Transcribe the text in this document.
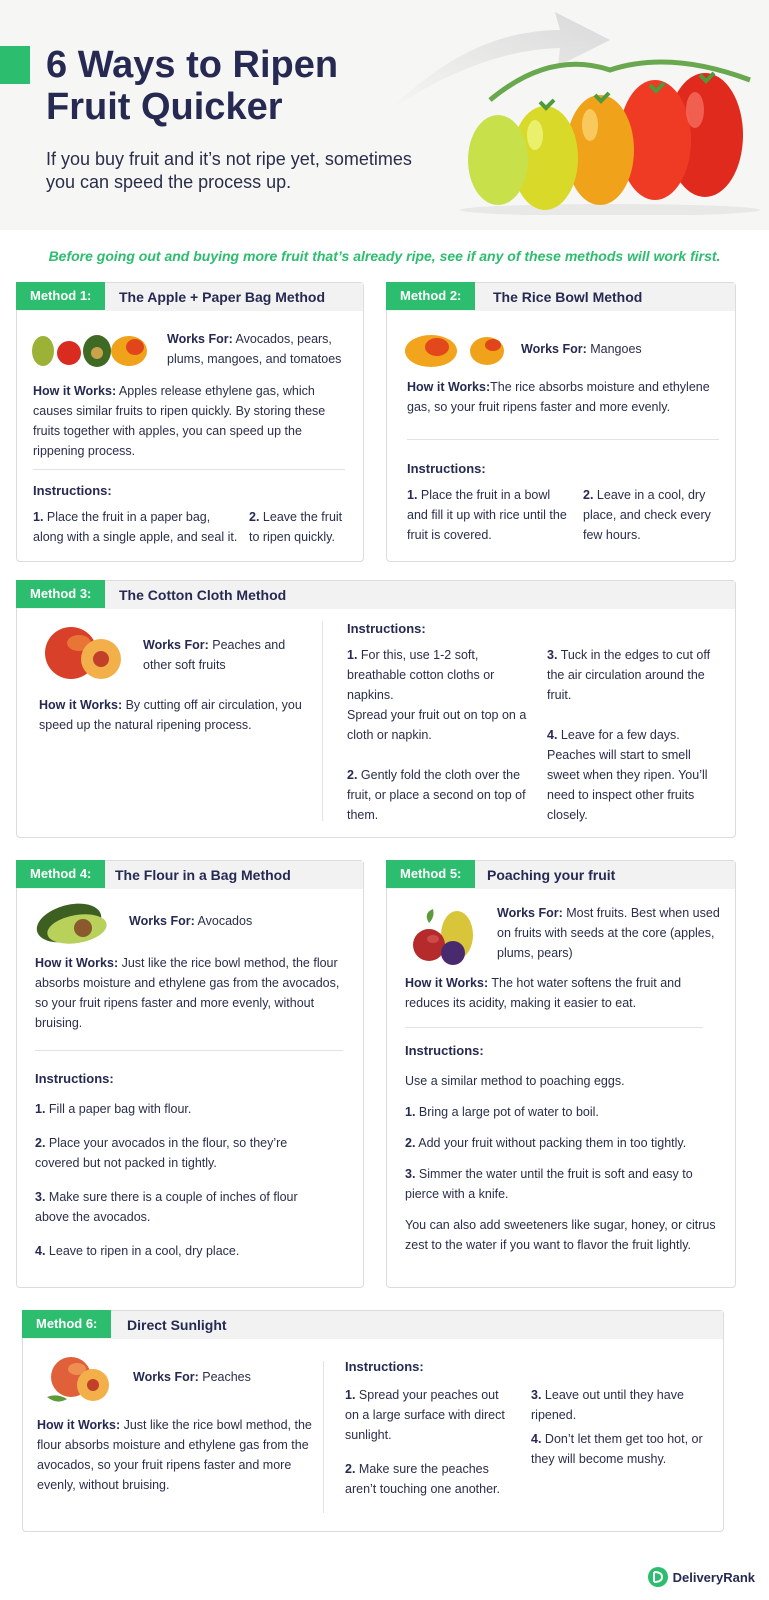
6 Ways to Ripen Fruit Quicker
If you buy fruit and it’s not ripe yet, sometimes you can speed the process up.
Before going out and buying more fruit that’s already ripe, see if any of these methods will work first.
Method 1:	The Apple + Paper Bag Method
Works For: Avocados, pears, plums, mangoes, and tomatoes
How it Works: Apples release ethylene gas, which causes similar fruits to ripen quickly. By storing these fruits together with apples, you can speed up the rippening process.
Instructions:
1. Place the fruit in a paper bag, along with a single apple, and seal it.
2. Leave the fruit to ripen quickly.
Method 2:	The Rice Bowl Method
Works For: Mangoes
How it Works:The rice absorbs moisture and ethylene gas, so your fruit ripens faster and more evenly.
Instructions:
1. Place the fruit in a bowl and fill it up with rice until the fruit is covered.
2. Leave in a cool, dry place, and check every few hours.
Method 3:	The Cotton Cloth Method
Works For: Peaches and other soft fruits
How it Works: By cutting off air circulation, you speed up the natural ripening process.
Instructions:
1. For this, use 1-2 soft, breathable cotton cloths or napkins.
Spread your fruit out on top on a cloth or napkin.
2. Gently fold the cloth over the fruit, or place a second on top of them.
3. Tuck in the edges to cut off the air circulation around the fruit.
4. Leave for a few days. Peaches will start to smell sweet when they ripen. You’ll need to inspect other fruits closely.
Method 4:	The Flour in a Bag Method
Works For: Avocados
How it Works: Just like the rice bowl method, the flour absorbs moisture and ethylene gas from the avocados, so your fruit ripens faster and more evenly, without bruising.
Instructions:
1. Fill a paper bag with flour.
2. Place your avocados in the flour, so they’re covered but not packed in tightly.
3. Make sure there is a couple of inches of flour above the avocados.
4. Leave to ripen in a cool, dry place.
Method 5:	Poaching your fruit
Works For: Most fruits. Best when used on fruits with seeds at the core (apples, plums, pears)
How it Works: The hot water softens the fruit and reduces its acidity, making it easier to eat.
Instructions:
Use a similar method to poaching eggs.
1. Bring a large pot of water to boil.
2. Add your fruit without packing them in too tightly.
3. Simmer the water until the fruit is soft and easy to pierce with a knife.
You can also add sweeteners like sugar, honey, or citrus zest to the water if you want to flavor the fruit lightly.
Method 6:	Direct Sunlight
Works For: Peaches
How it Works: Just like the rice bowl method, the flour absorbs moisture and ethylene gas from the avocados, so your fruit ripens faster and more evenly, without bruising.
Instructions:
1. Spread your peaches out on a large surface with direct sunlight.
2. Make sure the peaches aren’t touching one another.
3. Leave out until they have ripened.
4. Don’t let them get too hot, or they will become mushy.
DeliveryRank
